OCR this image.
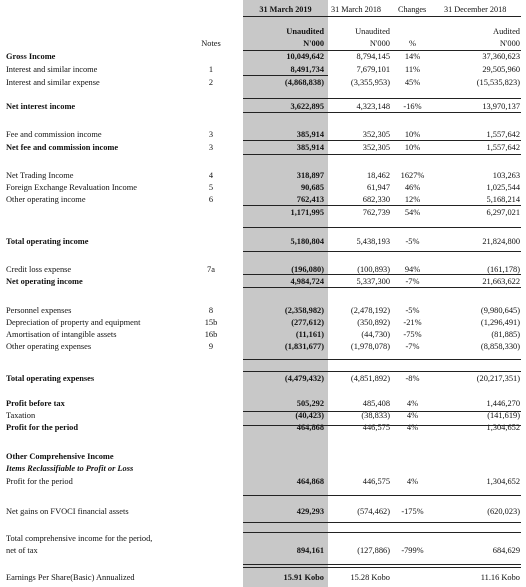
31 March 2019	31 March 2018 Changes 31 December 2018
Unaudited	Unaudited	Audited
Notes	N'000	N'000	%	N'000
Gross Income	10,049,642	8,794,145	14%	37,360,623
Interest and similar income	1	8,491,734	7,679,101	11%	29,505,960
Interest and similar expense	2	(4,868,838)	(3,355,953)	45%	(15,535,823)
Net interest income	3,622,895	4,323,148	-16%	13,970,137
Fee and commission income	3	385,914	352,305	10%	1,557,642
Net fee and commission income	3	385,914	352,305	10%	1,557,642
Net Trading Income	4	318,897	18,462	1627%	103,263
Foreign Exchange Revaluation Income	5	90,685	61,947	46%	1,025,544
Other operating income	6	762,413	682,330	12%	5,168,214
1,171,995	762,739	54%	6,297,021
Total operating income	5,180,804	5,438,193	-5%	21,824,800
Credit loss expense	7a	(196,080)	(100,893)	94%	(161,178)
Net operating income	4,984,724	5,337,300	-7%	21,663,622
Personnel expenses	8	(2,358,982)	(2,478,192)	-5%	(9,980,645)
Depreciation of property and equipment	15b	(277,612)	(350,892)	-21%	(1,296,491)
Amortisation of intangible assets	16b	(11,161)	(44,730)	-75%	(81,885)
Other operating expenses	9	(1,831,677)	(1,978,078)	-7%	(8,858,330)
Total operating expenses	(4,479,432)	(4,851,892)	-8%	(20,217,351)
Profit before tax	505,292	485,408	4%	1,446,270
Taxation	(40,423)	(38,833)	4%	(141,619)
Profit for the period	464,868	446,575	4%	1,304,652
Other Comprehensive Income
Items Reclassifiable to Profit or Loss
Profit for the period	464,868	446,575	4%	1,304,652
Net gains on FVOCI financial assets	429,293	(574,462)	-175%	(620,023)
Total comprehensive income for the period,
net of tax	894,161	(127,886)	-799%	684,629
Earnings Per Share(Basic) Annualized	15.91 Kobo	15.28 Kobo	11.16 Kobo
